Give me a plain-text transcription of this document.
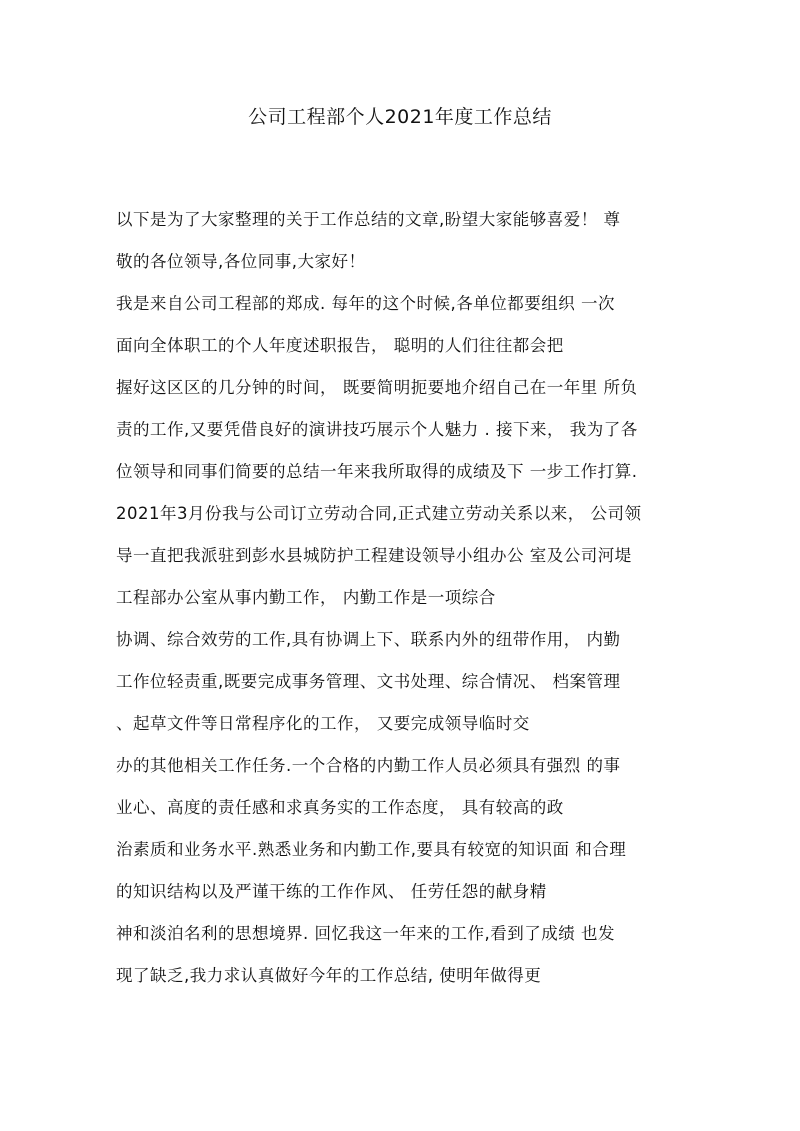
公司工程部个人2021年度工作总结
以下是为了大家整理的关于工作总结的文章,盼望大家能够喜爱！ 尊
敬的各位领导,各位同事,大家好！
我是来自公司工程部的郑成. 每年的这个时候,各单位都要组织 一次
面向全体职工的个人年度述职报告， 聪明的人们往往都会把
握好这区区的几分钟的时间， 既要简明扼要地介绍自己在一年里 所负
责的工作,又要凭借良好的演讲技巧展示个人魅力 . 接下来， 我为了各
位领导和同事们简要的总结一年来我所取得的成绩及下 一步工作打算.
2021年3月份我与公司订立劳动合同,正式建立劳动关系以来， 公司领
导一直把我派驻到彭水县城防护工程建设领导小组办公 室及公司河堤
工程部办公室从事内勤工作， 内勤工作是一项综合
协调、综合效劳的工作,具有协调上下、联系内外的纽带作用， 内勤
工作位轻责重,既要完成事务管理、文书处理、综合情况、 档案管理
、起草文件等日常程序化的工作， 又要完成领导临时交
办的其他相关工作任务.一个合格的内勤工作人员必须具有强烈 的事
业心、高度的责任感和求真务实的工作态度， 具有较高的政
治素质和业务水平.熟悉业务和内勤工作,要具有较宽的知识面 和合理
的知识结构以及严谨干练的工作作风、 任劳任怨的献身精
神和淡泊名利的思想境界. 回忆我这一年来的工作,看到了成绩 也发
现了缺乏,我力求认真做好今年的工作总结, 使明年做得更
